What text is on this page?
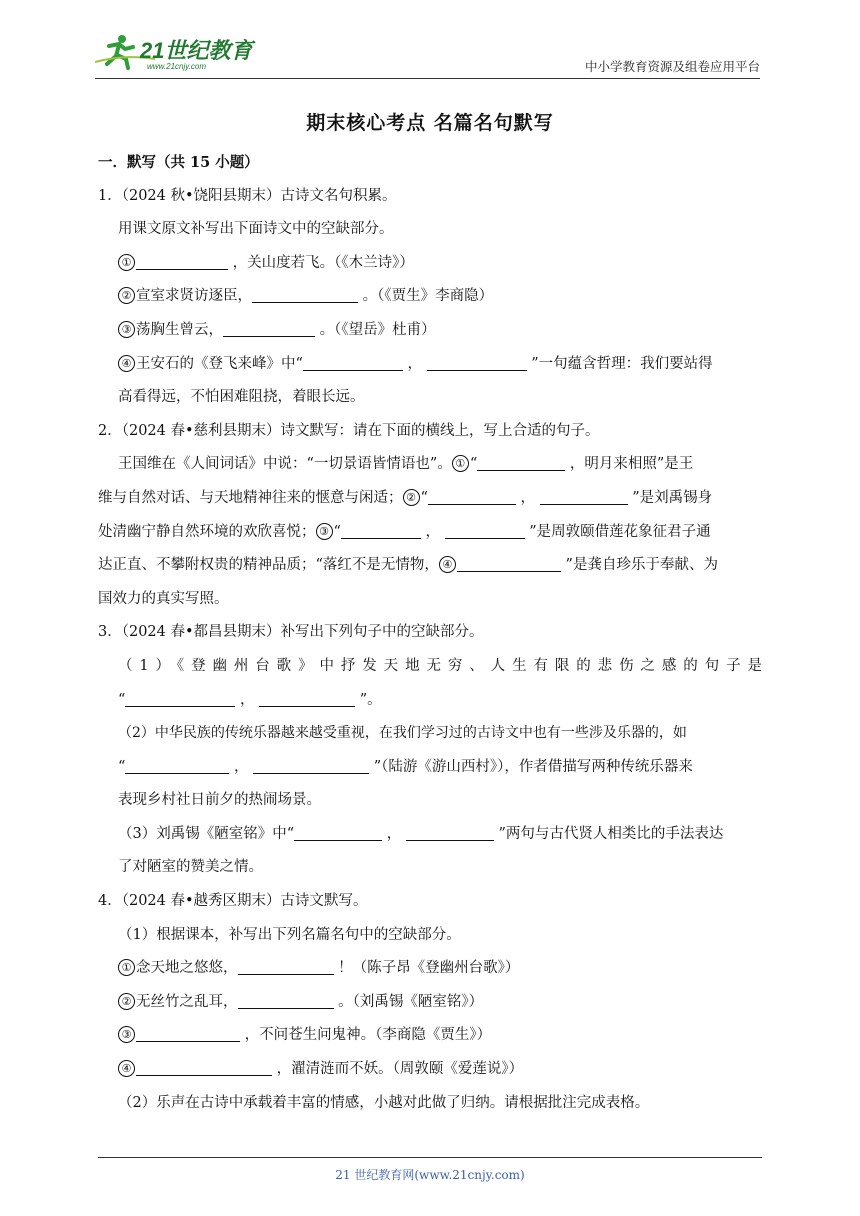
21世纪教育
www.21cnjy.com	中小学教育资源及组卷应用平台
期末核心考点 名篇名句默写
一．默写（共 15 小题）
1．（2024 秋•饶阳县期末）古诗文名句积累。
用课文原文补写出下面诗文中的空缺部分。
①	，关山度若飞。（《木兰诗》）
② 宣室求贤访逐臣，	。（《贾生》李商隐）
③ 荡胸生曾云，	。（《望岳》杜甫）
④ 王安石的《登飞来峰》中“	，	”一句蕴含哲理：我们要站得
高看得远，不怕困难阻挠，着眼长远。
2．（2024 春•慈利县期末）诗文默写：请在下面的横线上，写上合适的句子。
王国维在《人间词话》中说：“一切景语皆情语也”。 ① “	，明月来相照”是王
维与自然对话、与天地精神往来的惬意与闲适； ② “	，	”是刘禹锡身
处清幽宁静自然环境的欢欣喜悦； ③ “	，	”是周敦颐借莲花象征君子通
达正直、不攀附权贵的精神品质；“落红不是无情物， ④	”是龚自珍乐于奉献、为
国效力的真实写照。
3．（2024 春•都昌县期末）补写出下列句子中的空缺部分。
（1）《登幽州台歌》中抒发天地无穷、人生有限的悲伤之感的句子是
“	，	”。
（2）中华民族的传统乐器越来越受重视，在我们学习过的古诗文中也有一些涉及乐器的，如
“	，	”（陆游《游山西村》），作者借描写两种传统乐器来
表现乡村社日前夕的热闹场景。
（3）刘禹锡《陋室铭》中“	，	”两句与古代贤人相类比的手法表达
了对陋室的赞美之情。
4．（2024 春•越秀区期末）古诗文默写。
（1）根据课本，补写出下列名篇名句中的空缺部分。
① 念天地之悠悠，	！（陈子昂《登幽州台歌》）
② 无丝竹之乱耳，	。（刘禹锡《陋室铭》）
③	，不问苍生问鬼神。（李商隐《贾生》）
④	，濯清涟而不妖。（周敦颐《爱莲说》）
（2）乐声在古诗中承载着丰富的情感，小越对此做了归纳。请根据批注完成表格。
21 世纪教育网(www.21cnjy.com)
